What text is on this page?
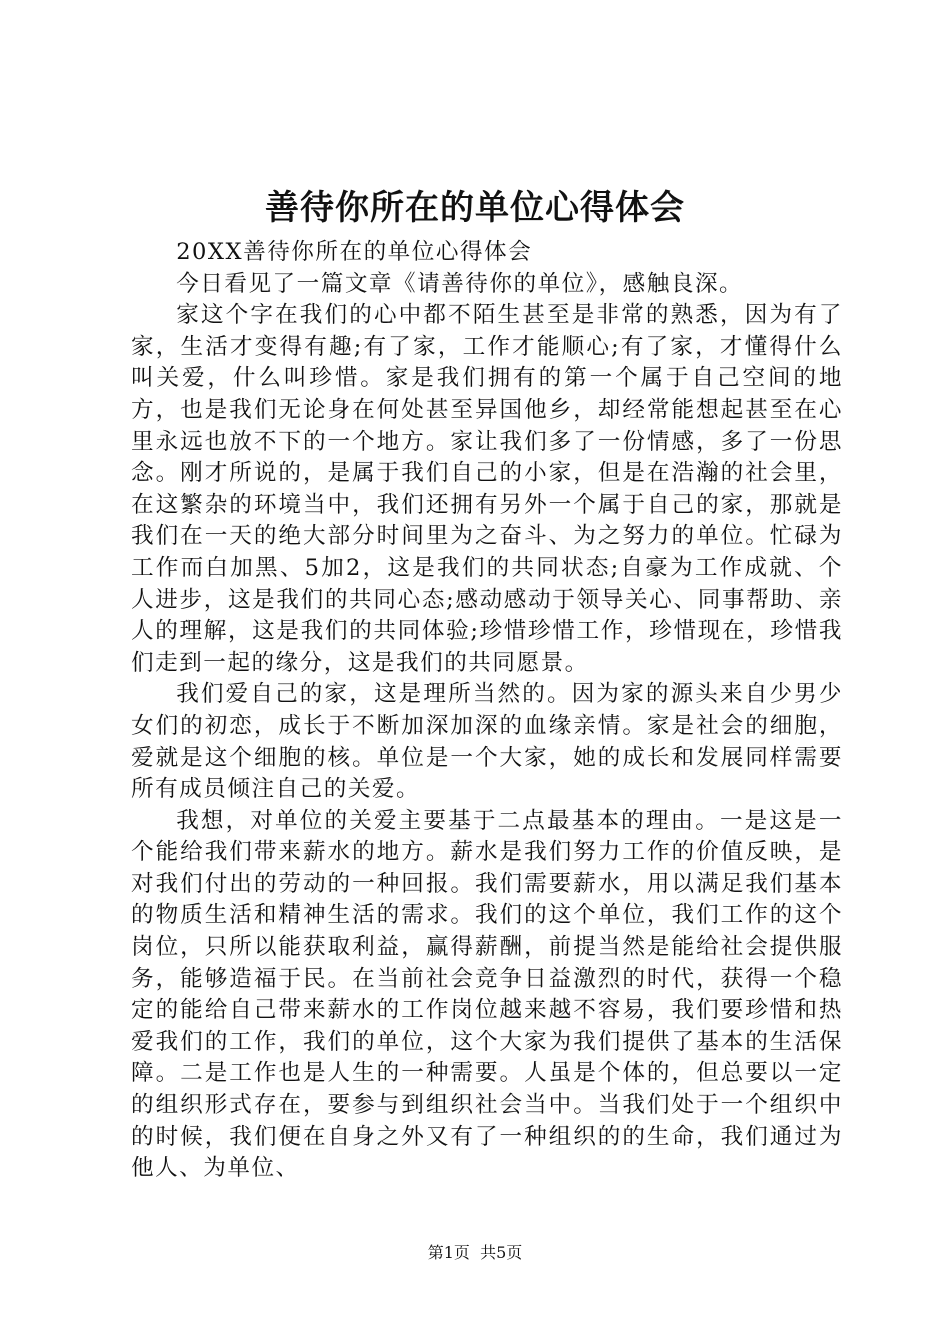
善待你所在的单位心得体会

20XX善待你所在的单位心得体会

今日看见了一篇文章《请善待你的单位》，感触良深。

家这个字在我们的心中都不陌生甚至是非常的熟悉，因为有了家，生活才变得有趣;有了家，工作才能顺心;有了家，才懂得什么叫关爱，什么叫珍惜。家是我们拥有的第一个属于自己空间的地方，也是我们无论身在何处甚至异国他乡，却经常能想起甚至在心里永远也放不下的一个地方。家让我们多了一份情感，多了一份思念。刚才所说的，是属于我们自己的小家，但是在浩瀚的社会里，在这繁杂的环境当中，我们还拥有另外一个属于自己的家，那就是我们在一天的绝大部分时间里为之奋斗、为之努力的单位。忙碌为工作而白加黑、5加2，这是我们的共同状态;自豪为工作成就、个人进步，这是我们的共同心态;感动感动于领导关心、同事帮助、亲人的理解，这是我们的共同体验;珍惜珍惜工作，珍惜现在，珍惜我们走到一起的缘分，这是我们的共同愿景。

我们爱自己的家，这是理所当然的。因为家的源头来自少男少女们的初恋，成长于不断加深加深的血缘亲情。家是社会的细胞，爱就是这个细胞的核。单位是一个大家，她的成长和发展同样需要所有成员倾注自己的关爱。

我想，对单位的关爱主要基于二点最基本的理由。一是这是一个能给我们带来薪水的地方。薪水是我们努力工作的价值反映，是对我们付出的劳动的一种回报。我们需要薪水，用以满足我们基本的物质生活和精神生活的需求。我们的这个单位，我们工作的这个岗位，只所以能获取利益，赢得薪酬，前提当然是能给社会提供服务，能够造福于民。在当前社会竞争日益激烈的时代，获得一个稳定的能给自己带来薪水的工作岗位越来越不容易，我们要珍惜和热爱我们的工作，我们的单位，这个大家为我们提供了基本的生活保障。二是工作也是人生的一种需要。人虽是个体的，但总要以一定的组织形式存在，要参与到组织社会当中。当我们处于一个组织中的时候，我们便在自身之外又有了一种组织的的生命，我们通过为他人、为单位、

第1页 共5页
